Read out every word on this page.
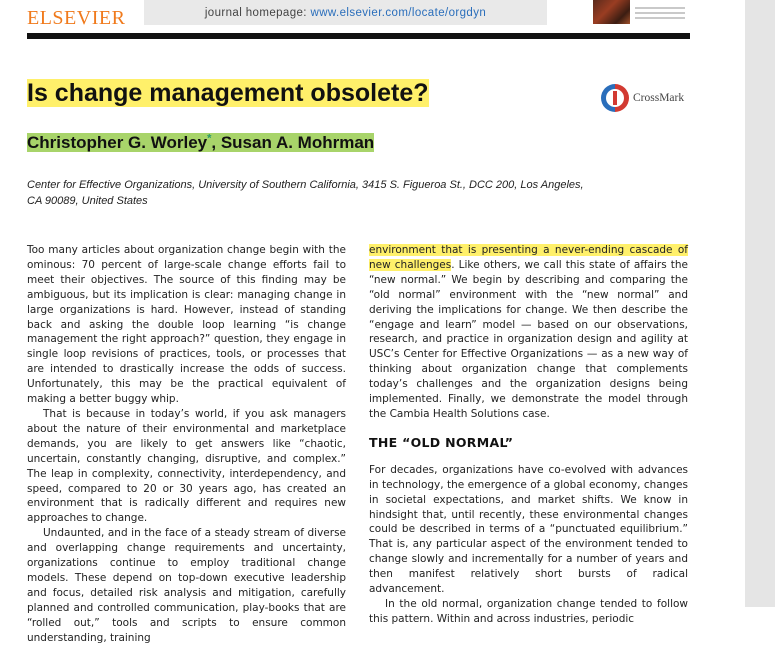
ELSEVIER	journal homepage:
www.elsevier.com/locate/orgdyn
Is change management obsolete?	CrossMark

Christopher G. Worley*, Susan A. Mohrman

Center for Effective Organizations, University of Southern California, 3415 S. Figueroa St., DCC 200, Los Angeles, CA 90089, United States

Too many articles about organization change begin with the ominous: 70 percent of large-scale change efforts fail to meet their objectives. The source of this finding may be ambiguous, but its implication is clear: managing change in large organizations is hard. However, instead of standing back and asking the double loop learning “is change management the right approach?” question, they engage in single loop revisions of practices, tools, or processes that are intended to drastically increase the odds of success. Unfortunately, this may be the practical equivalent of making a better buggy whip.

That is because in today’s world, if you ask managers about the nature of their environmental and marketplace demands, you are likely to get answers like “chaotic, uncertain, constantly changing, disruptive, and complex.” The leap in complexity, connectivity, interdependency, and speed, compared to 20 or 30 years ago, has created an environment that is radically different and requires new approaches to change.

Undaunted, and in the face of a steady stream of diverse and overlapping change requirements and uncertainty, organizations continue to employ traditional change models. These depend on top-down executive leadership and focus, detailed risk analysis and mitigation, carefully planned and controlled communication, play-books that are “rolled out,” tools and scripts to ensure common understanding, training

environment that is presenting a never-ending cascade of new challenges. Like others, we call this state of affairs the “new normal.” We begin by describing and comparing the “old normal” environment with the “new normal” and deriving the implications for change. We then describe the “engage and learn” model — based on our observations, research, and practice in organization design and agility at USC’s Center for Effective Organizations — as a new way of thinking about organization change that complements today’s challenges and the organization designs being implemented. Finally, we demonstrate the model through the Cambia Health Solutions case.

THE “OLD NORMAL”

For decades, organizations have co-evolved with advances in technology, the emergence of a global economy, changes in societal expectations, and market shifts. We know in hindsight that, until recently, these environmental changes could be described in terms of a “punctuated equilibrium.” That is, any particular aspect of the environment tended to change slowly and incrementally for a number of years and then manifest relatively short bursts of radical advancement.

In the old normal, organization change tended to follow this pattern. Within and across industries, periodic
